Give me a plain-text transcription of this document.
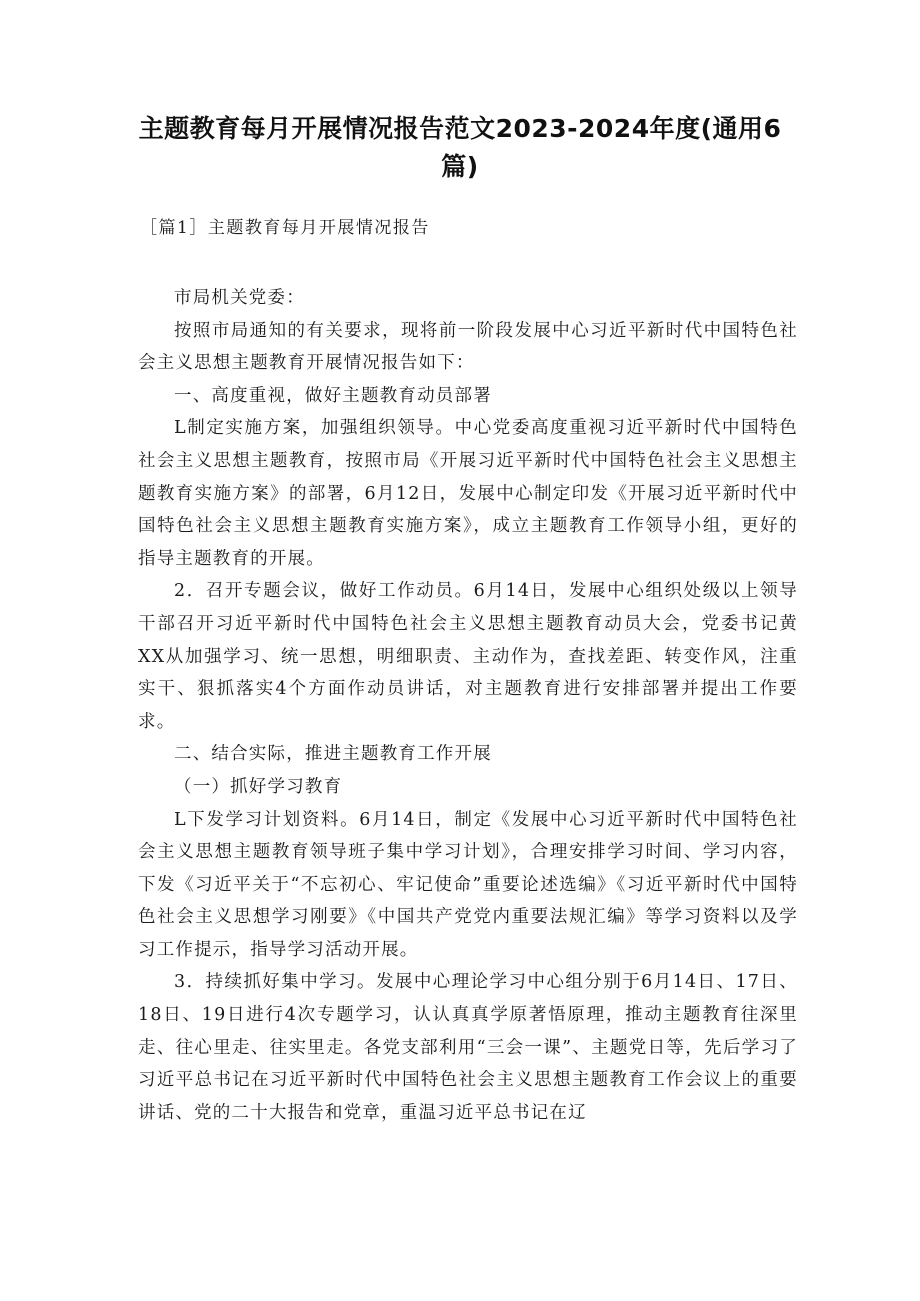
主题教育每月开展情况报告范文2023-2024年度(通用6篇)
［篇1］主题教育每月开展情况报告

市局机关党委：

按照市局通知的有关要求，现将前一阶段发展中心习近平新时代中国特色社会主义思想主题教育开展情况报告如下：

一、高度重视，做好主题教育动员部署

L制定实施方案，加强组织领导。中心党委高度重视习近平新时代中国特色社会主义思想主题教育，按照市局《开展习近平新时代中国特色社会主义思想主题教育实施方案》的部署，6月12日，发展中心制定印发《开展习近平新时代中国特色社会主义思想主题教育实施方案》，成立主题教育工作领导小组，更好的指导主题教育的开展。

2．召开专题会议，做好工作动员。6月14日，发展中心组织处级以上领导干部召开习近平新时代中国特色社会主义思想主题教育动员大会，党委书记黄XX从加强学习、统一思想，明细职责、主动作为，查找差距、转变作风，注重实干、狠抓落实4个方面作动员讲话，对主题教育进行安排部署并提出工作要求。

二、结合实际，推进主题教育工作开展

（一）抓好学习教育

L下发学习计划资料。6月14日，制定《发展中心习近平新时代中国特色社会主义思想主题教育领导班子集中学习计划》，合理安排学习时间、学习内容，下发《习近平关于“不忘初心、牢记使命”重要论述选编》《习近平新时代中国特色社会主义思想学习刚要》《中国共产党党内重要法规汇编》等学习资料以及学习工作提示，指导学习活动开展。

3．持续抓好集中学习。发展中心理论学习中心组分别于6月14日、17日、18日、19日进行4次专题学习，认认真真学原著悟原理，推动主题教育往深里走、往心里走、往实里走。各党支部利用“三会一课”、主题党日等，先后学习了习近平总书记在习近平新时代中国特色社会主义思想主题教育工作会议上的重要讲话、党的二十大报告和党章，重温习近平总书记在辽
